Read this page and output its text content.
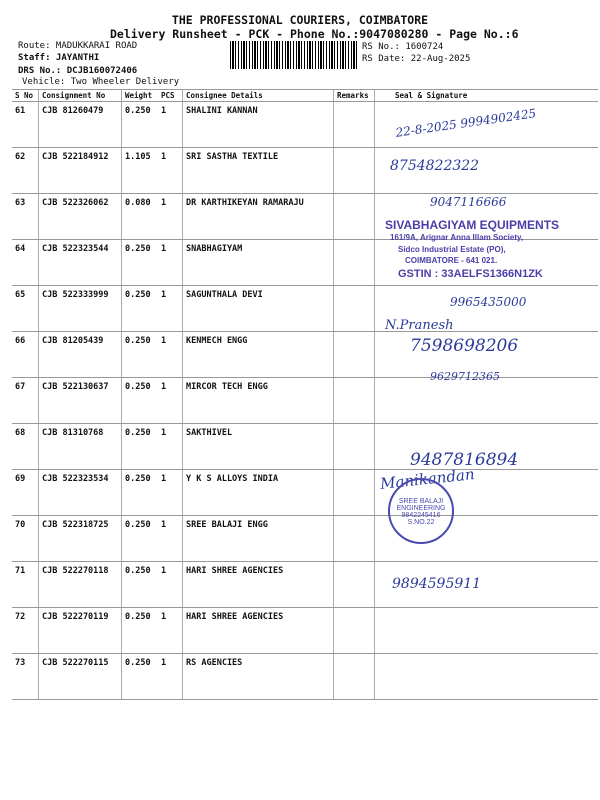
THE PROFESSIONAL COURIERS, COIMBATORE
Delivery Runsheet - PCK - Phone No.:9047080280 - Page No.:6
Route: MADUKKARAI ROAD
Staff: JAYANTHI
DRS No.: DCJB160072406
Vehicle: Two Wheeler Delivery
RS No.: 1600724
RS Date: 22-Aug-2025
S No	Consignment No	Weight	PCS	Consignee Details	Remarks	Seal & Signature
61	CJB 81260479	0.250	1	SHALINI KANNAN		
62	CJB 522184912	1.105	1	SRI SASTHA TEXTILE		
63	CJB 522326062	0.080	1	DR KARTHIKEYAN RAMARAJU		
64	CJB 522323544	0.250	1	SNABHAGIYAM		
65	CJB 522333999	0.250	1	SAGUNTHALA DEVI		
66	CJB 81205439	0.250	1	KENMECH ENGG		
67	CJB 522130637	0.250	1	MIRCOR TECH ENGG		
68	CJB 81310768	0.250	1	SAKTHIVEL		
69	CJB 522323534	0.250	1	Y K S ALLOYS INDIA		
70	CJB 522318725	0.250	1	SREE BALAJI ENGG		
71	CJB 522270118	0.250	1	HARI SHREE AGENCIES		
72	CJB 522270119	0.250	1	HARI SHREE AGENCIES		
73	CJB 522270115	0.250	1	RS AGENCIES		
22-8-2025 9994902425
8754822322
9047116666
SIVABHAGIYAM EQUIPMENTS
161/9A, Arignar Anna Illam Society,
Sidco Industrial Estate (PO),
COIMBATORE - 641 021.
GSTIN : 33AELFS1366N1ZK
9965435000
N.Pranesh
7598698206
9629712365
9487816894
Manikandan
SREE BALAJI ENGINEERING 9842245416 S.NO.22
9894595911
